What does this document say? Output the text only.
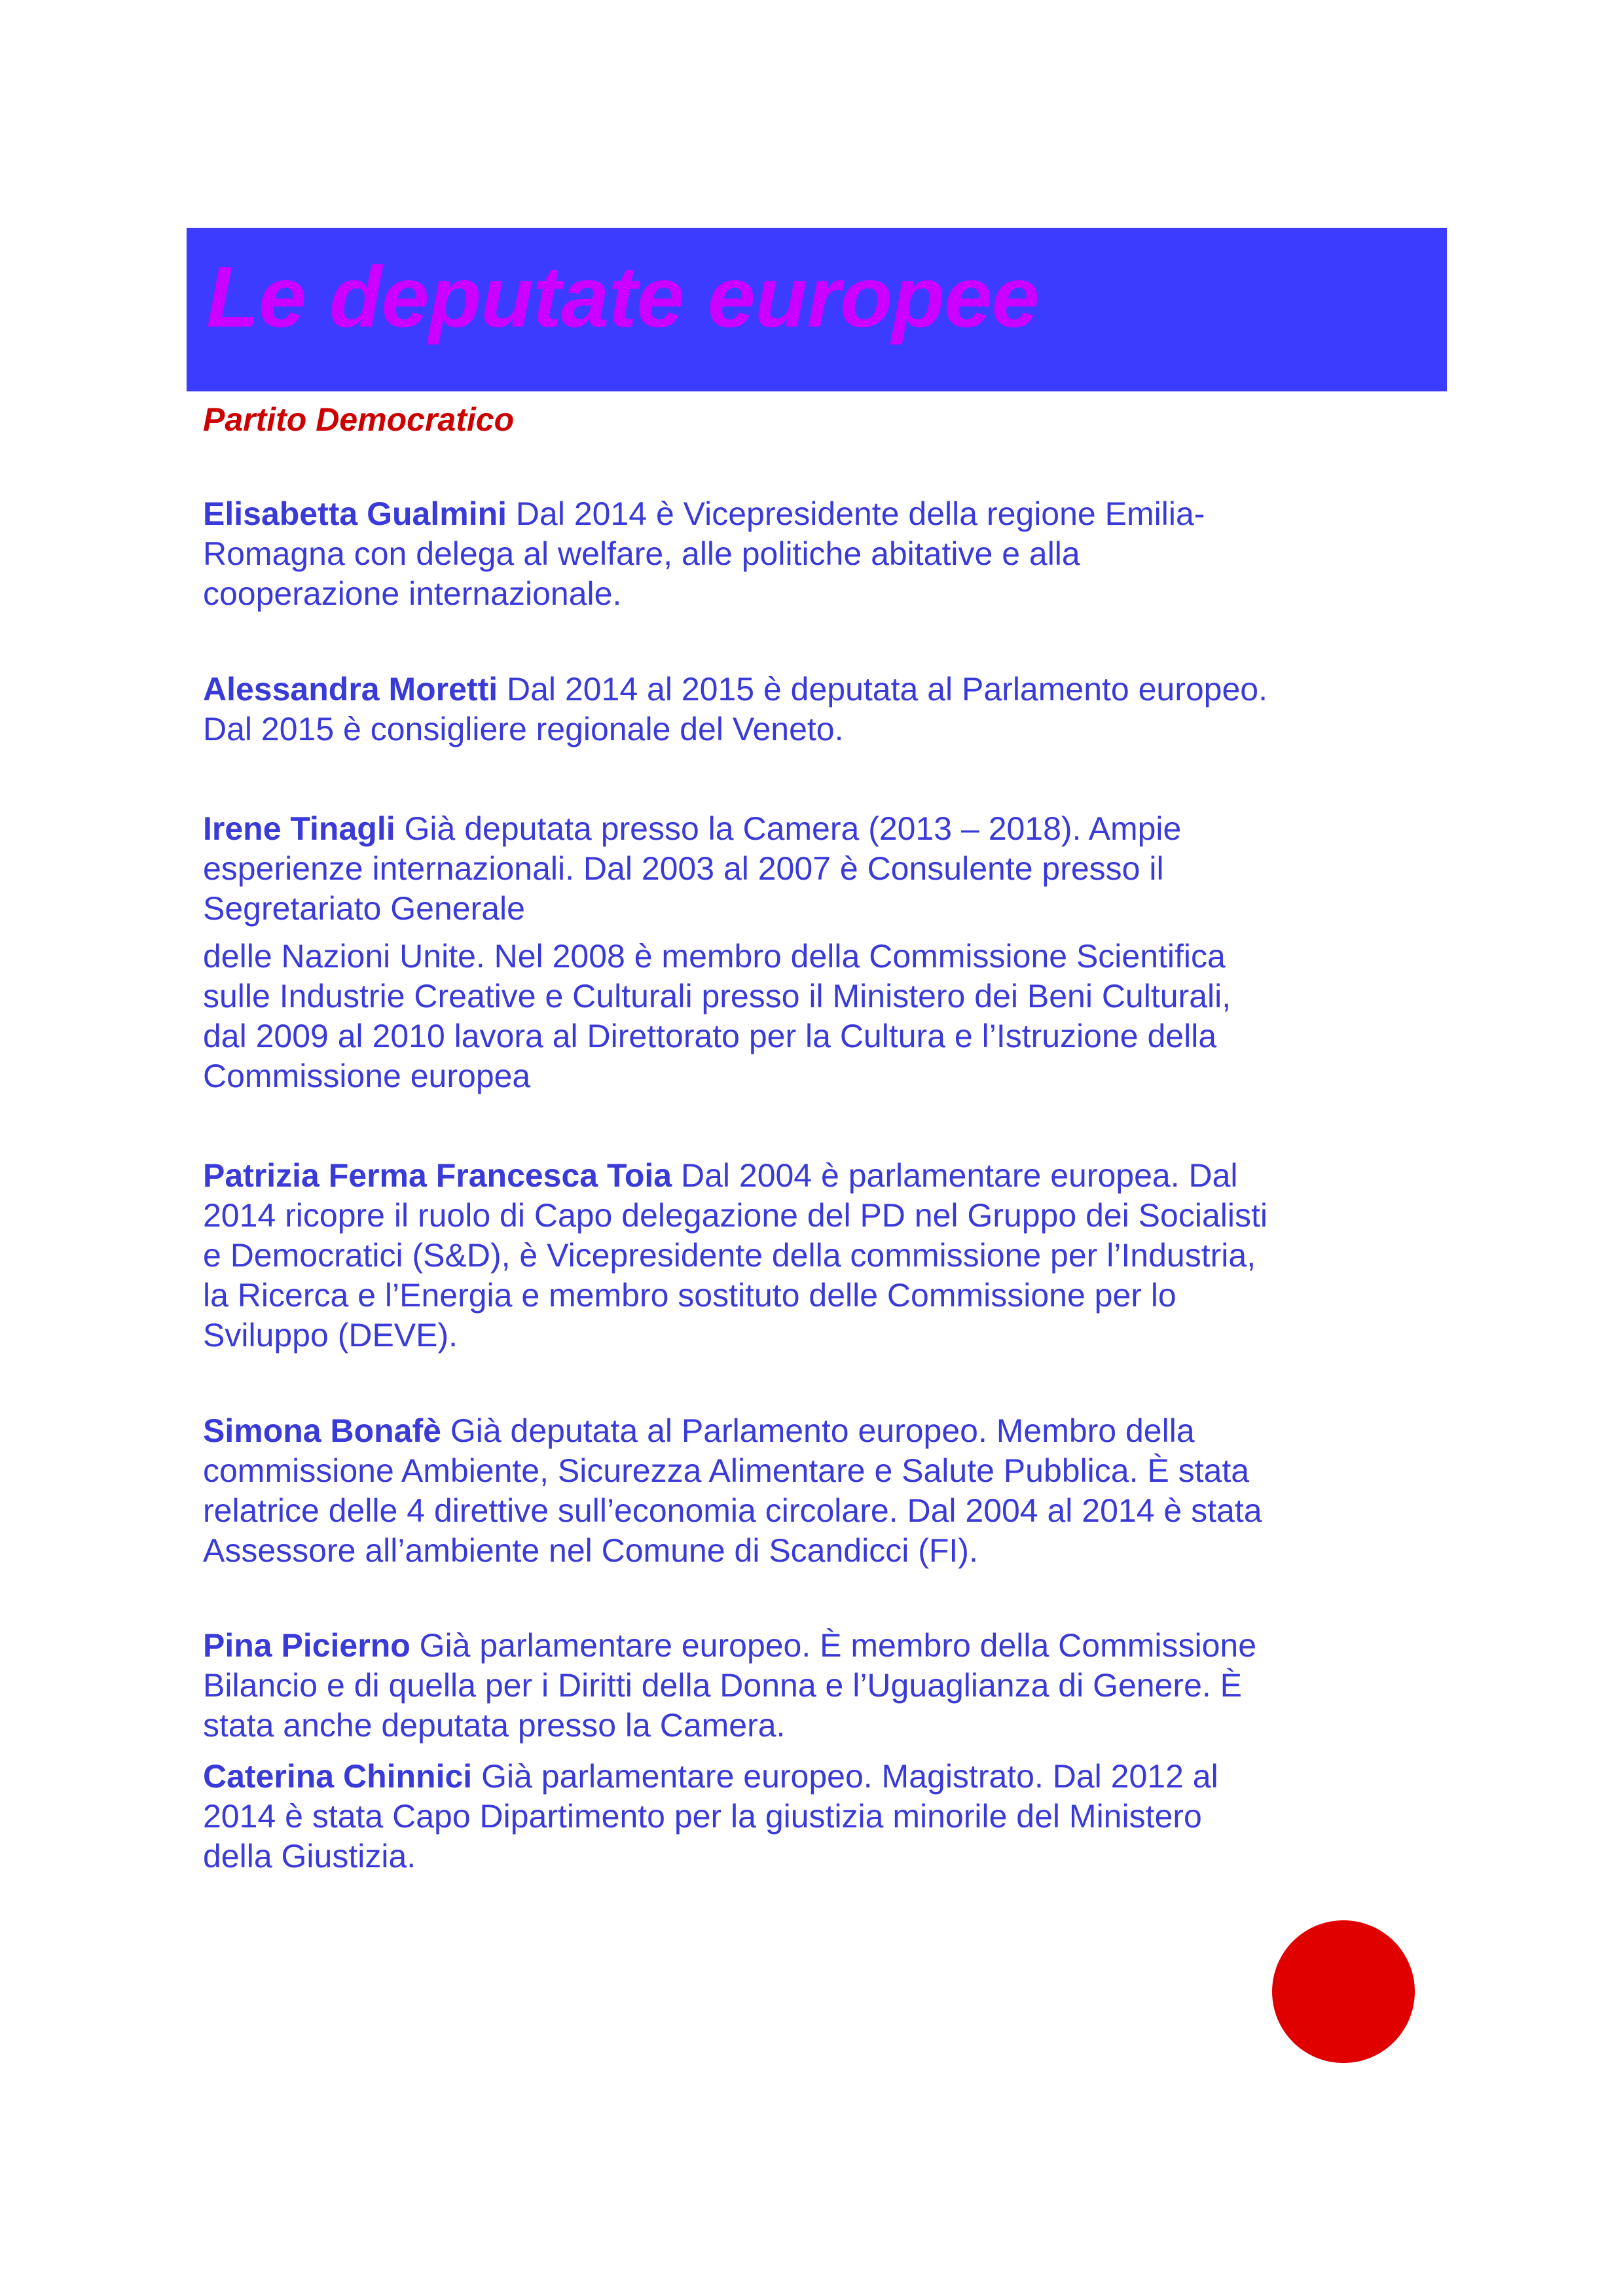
Le deputate europee

Partito Democratico

Elisabetta Gualmini Dal 2014 è Vicepresidente della regione Emilia-
Romagna con delega al welfare, alle politiche abitative e alla
cooperazione internazionale.

Alessandra Moretti Dal 2014 al 2015 è deputata al Parlamento europeo.
Dal 2015 è consigliere regionale del Veneto.

Irene Tinagli Già deputata presso la Camera (2013 – 2018). Ampie
esperienze internazionali. Dal 2003 al 2007 è Consulente presso il
Segretariato Generale
delle Nazioni Unite. Nel 2008 è membro della Commissione Scientifica
sulle Industrie Creative e Culturali presso il Ministero dei Beni Culturali,
dal 2009 al 2010 lavora al Direttorato per la Cultura e l’Istruzione della
Commissione europea

Patrizia Ferma Francesca Toia Dal 2004 è parlamentare europea. Dal
2014 ricopre il ruolo di Capo delegazione del PD nel Gruppo dei Socialisti
e Democratici (S&D), è Vicepresidente della commissione per l’Industria,
la Ricerca e l’Energia e membro sostituto delle Commissione per lo
Sviluppo (DEVE).

Simona Bonafè Già deputata al Parlamento europeo. Membro della
commissione Ambiente, Sicurezza Alimentare e Salute Pubblica. È stata
relatrice delle 4 direttive sull’economia circolare. Dal 2004 al 2014 è stata
Assessore all’ambiente nel Comune di Scandicci (FI).

Pina Picierno Già parlamentare europeo. È membro della Commissione
Bilancio e di quella per i Diritti della Donna e l’Uguaglianza di Genere. È
stata anche deputata presso la Camera.

Caterina Chinnici Già parlamentare europeo. Magistrato. Dal 2012 al
2014 è stata Capo Dipartimento per la giustizia minorile del Ministero
della Giustizia.
